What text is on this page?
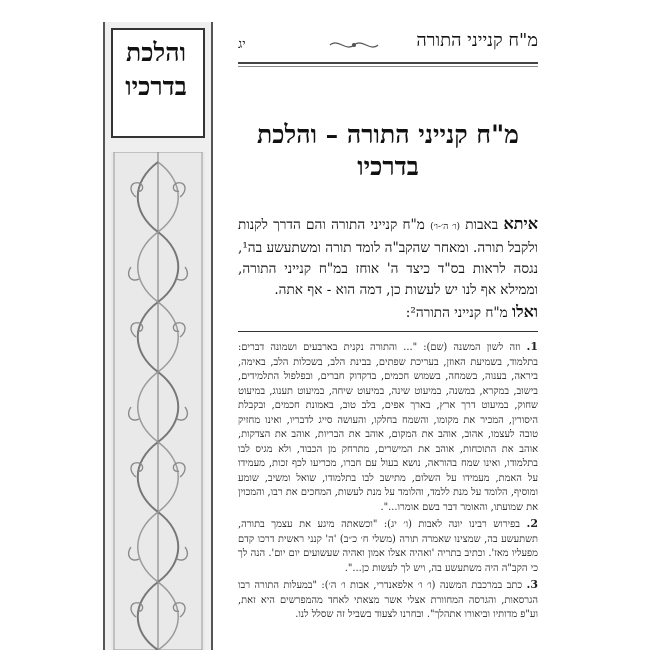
והלכת
בדרכיו
יג	מ"ח קנייני התורה
מ"ח קנייני התורה – והלכת
בדרכיו
איתא באבות (ו׳ ה׳-ו׳) מ"ח קנייני התורה והם הדרך לקנות ולקבל תורה. ומאחר שהקב"ה לומד תורה ומשתעשע בה¹, נגסה לראות בס"ד כיצד ה' אוחז במ"ח קנייני התורה, וממילא אף לנו יש לעשות כן, דמה הוא - אף אתה.
ואלו מ"ח קנייני התורה²:

1. וזה לשון המשנה (שם): "... והתורה נקנית בארבעים ושמונה דברים: בתלמוד, בשמיעת האוזן, בעריכת שפתים, בבינת הלב, בשכלות הלב, באימה, ביראה, בענוה, בשמחה, בשמוש חכמים, בדקדוק חברים, ובפלפול התלמידים, בישוב, במקרא, במשנה, במיעוט שינה, במיעוט שיחה, במיעוט תענוג, במיעוט שחוק, במיעוט דרך ארץ, בארך אפים, בלב טוב, באמונת חכמים, ובקבלת היסורין, המכיר את מקומו, והשמח בחלקו, והעושה סייג לדבריו, ואינו מחזיק טובה לעצמו, אהוב, אוהב את המקום, אוהב את הבריות, אוהב את הצדקות, אוהב את התוכחות, אוהב את המישרים, מתרחק מן הכבוד, ולא מגיס לבו בתלמודו, ואינו שמח בהוראה, נושא בעול עם חברו, מכריעו לכף זכות, מעמידו על האמת, מעמידו על השלום, מתישב לבו בתלמודו, שואל ומשיב, שומע ומוסיף, הלומד על מנת ללמד, והלומד על מנת לעשות, המחכים את רבו, והמכוין את שמועתו, והאומר דבר בשם אומרו...".

2. בפירוש רבינו יונה לאבות (ו׳ יג): "וכשאתה מיגע את עצמך בתורה, תשתעשע בה, שמצינו שאמרה תורה (משלי ח׳ כ״ב) 'ה' קנני ראשית דרכו קדם מפעליו מאז'. וכתיב בתריה 'ואהיה אצלו אמון ואהיה שעשועים יום יום'. הנה לך כי הקב"ה היה משתעשע בה, ויש לך לעשות כן...".

3. כתב במרכבת המשנה (ו׳ ו׳ אלפאנדרי, אבות ו׳ ה׳): "במעלות התורה רבו הגרסאות, והגרסה המחוורת אצלי אשר מצאתי לאחד מהמפרשים היא זאת, וע"פ מדותיו וביאורו אתהלך". ובחרנו לצעוד בשביל זה שסלל לנו.
